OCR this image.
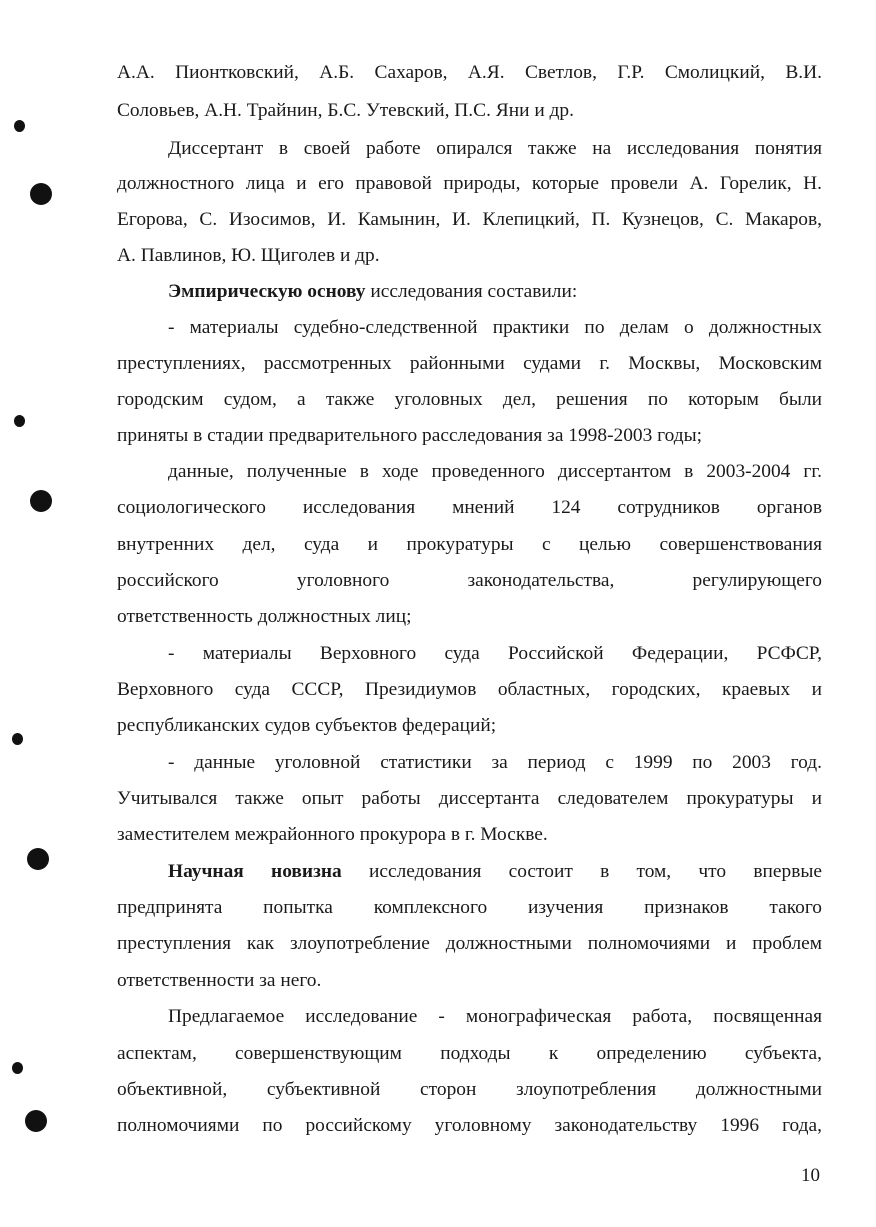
А.А. Пионтковский, А.Б. Сахаров, А.Я. Светлов, Г.Р. Смолицкий, В.И.
Соловьев, А.Н. Трайнин, Б.С. Утевский, П.С. Яни и др.
Диссертант в своей работе опирался также на исследования понятия
должностного лица и его правовой природы, которые провели А. Горелик, Н.
Егорова, С. Изосимов, И. Камынин, И. Клепицкий, П. Кузнецов, С. Макаров,
А. Павлинов, Ю. Щиголев и др.
Эмпирическую основу исследования составили:
- материалы судебно-следственной практики по делам о должностных
преступлениях, рассмотренных районными судами г. Москвы, Московским
городским судом, а также уголовных дел, решения по которым были
приняты в стадии предварительного расследования за 1998-2003 годы;
данные, полученные в ходе проведенного диссертантом в 2003-2004 гг.
социологического исследования мнений 124 сотрудников органов
внутренних дел, суда и прокуратуры с целью совершенствования
российского уголовного законодательства, регулирующего
ответственность должностных лиц;
- материалы Верховного суда Российской Федерации, РСФСР,
Верховного суда СССР, Президиумов областных, городских, краевых и
республиканских судов субъектов федераций;
- данные уголовной статистики за период с 1999 по 2003 год.
Учитывался также опыт работы диссертанта следователем прокуратуры и
заместителем межрайонного прокурора в г. Москве.
Научная новизна исследования состоит в том, что впервые
предпринята попытка комплексного изучения признаков такого
преступления как злоупотребление должностными полномочиями и проблем
ответственности за него.
Предлагаемое исследование - монографическая работа, посвященная
аспектам, совершенствующим подходы к определению субъекта,
объективной, субъективной сторон злоупотребления должностными
полномочиями по российскому уголовному законодательству 1996 года,
10
